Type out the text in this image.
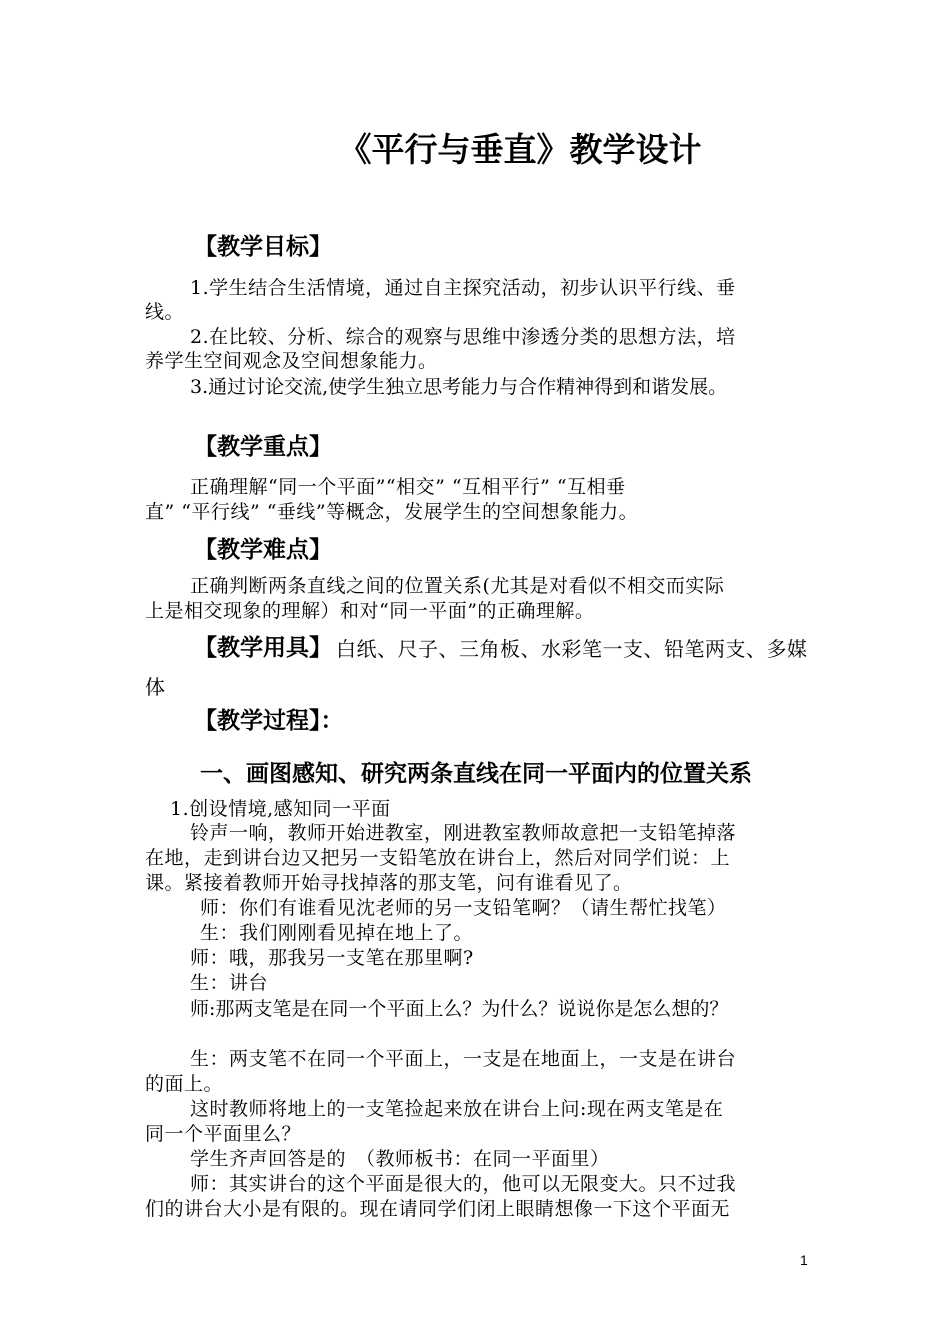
《平行与垂直》教学设计
【教学目标】
1.学生结合生活情境，通过自主探究活动，初步认识平行线、垂
线。
2.在比较、分析、综合的观察与思维中渗透分类的思想方法，培
养学生空间观念及空间想象能力。
3.通过讨论交流,使学生独立思考能力与合作精神得到和谐发展。
【教学重点】
正确理解“同一个平面”“相交” “互相平行” “互相垂
直” “平行线” “垂线”等概念，发展学生的空间想象能力。
【教学难点】
正确判断两条直线之间的位置关系(尤其是对看似不相交而实际
上是相交现象的理解）和对“同一平面”的正确理解。
【教学用具】 白纸、尺子、三角板、水彩笔一支、铅笔两支、多媒
体
【教学过程】：
一、画图感知、研究两条直线在同一平面内的位置关系
1.创设情境,感知同一平面
铃声一响，教师开始进教室，刚进教室教师故意把一支铅笔掉落
在地，走到讲台边又把另一支铅笔放在讲台上，然后对同学们说：上
课。紧接着教师开始寻找掉落的那支笔，问有谁看见了。
师：你们有谁看见沈老师的另一支铅笔啊？（请生帮忙找笔）
生：我们刚刚看见掉在地上了。
师：哦，那我另一支笔在那里啊?
生：讲台
师:那两支笔是在同一个平面上么？为什么？说说你是怎么想的？
生：两支笔不在同一个平面上，一支是在地面上，一支是在讲台
的面上。
这时教师将地上的一支笔捡起来放在讲台上问:现在两支笔是在
同一个平面里么？
学生齐声回答是的　（教师板书：在同一平面里）
师：其实讲台的这个平面是很大的，他可以无限变大。只不过我
们的讲台大小是有限的。现在请同学们闭上眼睛想像一下这个平面无
1
